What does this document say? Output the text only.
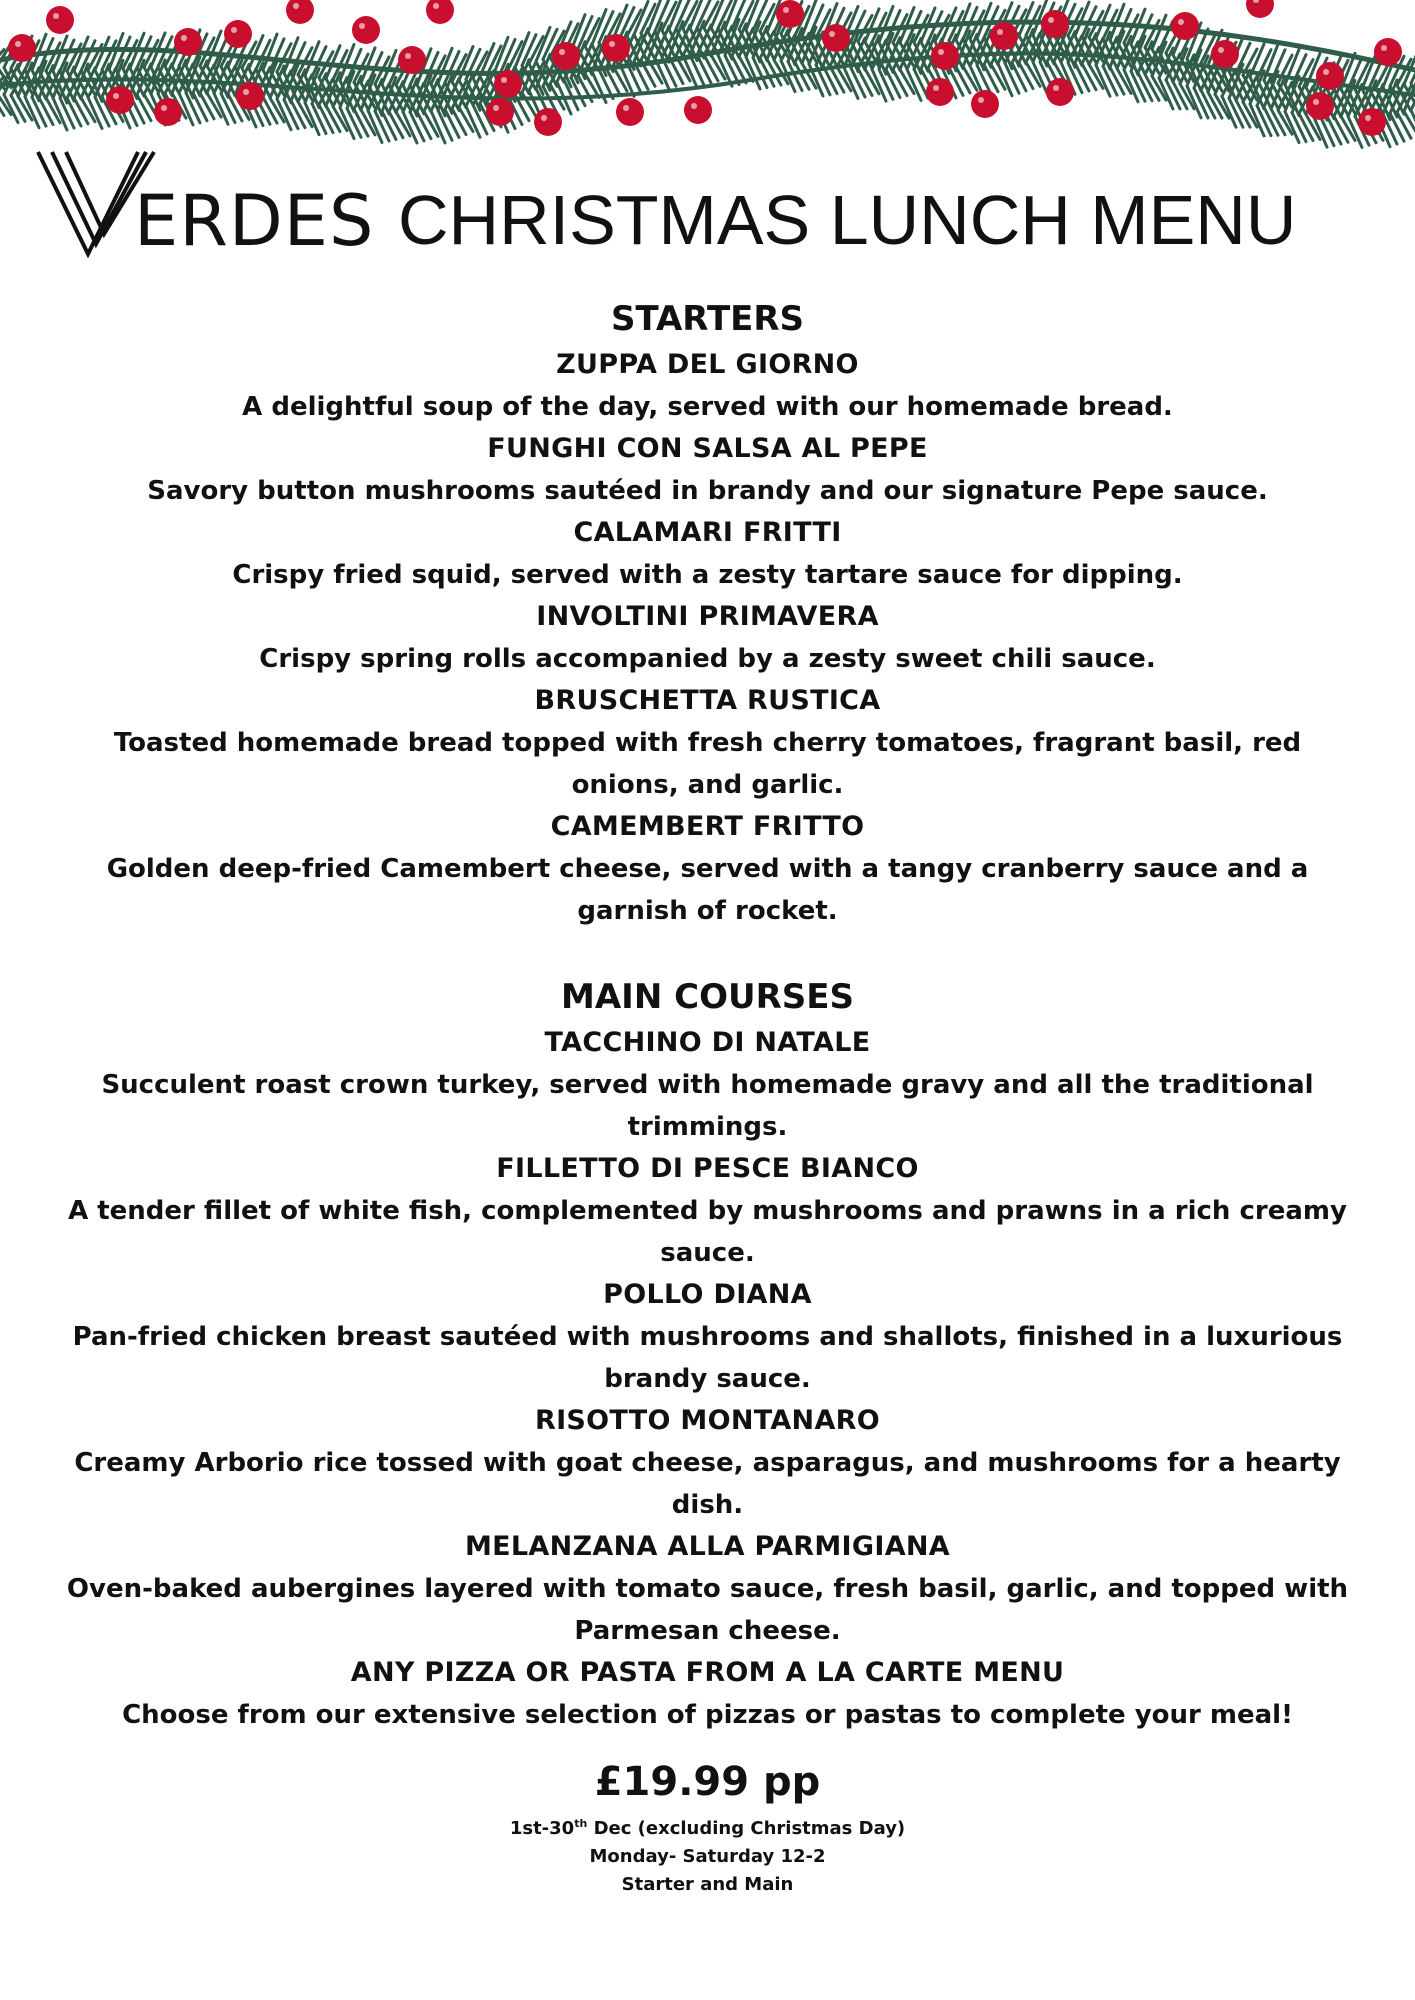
ERDES CHRISTMAS LUNCH MENU
STARTERS

ZUPPA DEL GIORNO

A delightful soup of the day, served with our homemade bread.

FUNGHI CON SALSA AL PEPE

Savory button mushrooms sautéed in brandy and our signature Pepe sauce.

CALAMARI FRITTI

Crispy fried squid, served with a zesty tartare sauce for dipping.

INVOLTINI PRIMAVERA

Crispy spring rolls accompanied by a zesty sweet chili sauce.

BRUSCHETTA RUSTICA

Toasted homemade bread topped with fresh cherry tomatoes, fragrant basil, red onions, and garlic.

CAMEMBERT FRITTO

Golden deep-fried Camembert cheese, served with a tangy cranberry sauce and a garnish of rocket.

MAIN COURSES

TACCHINO DI NATALE

Succulent roast crown turkey, served with homemade gravy and all the traditional trimmings.

FILLETTO DI PESCE BIANCO

A tender fillet of white fish, complemented by mushrooms and prawns in a rich creamy sauce.

POLLO DIANA

Pan-fried chicken breast sautéed with mushrooms and shallots, finished in a luxurious brandy sauce.

RISOTTO MONTANARO

Creamy Arborio rice tossed with goat cheese, asparagus, and mushrooms for a hearty dish.

MELANZANA ALLA PARMIGIANA

Oven-baked aubergines layered with tomato sauce, fresh basil, garlic, and topped with Parmesan cheese.

ANY PIZZA OR PASTA FROM A LA CARTE MENU

Choose from our extensive selection of pizzas or pastas to complete your meal!

£19.99 pp

1st-30th Dec (excluding Christmas Day)

Monday- Saturday 12-2

Starter and Main
